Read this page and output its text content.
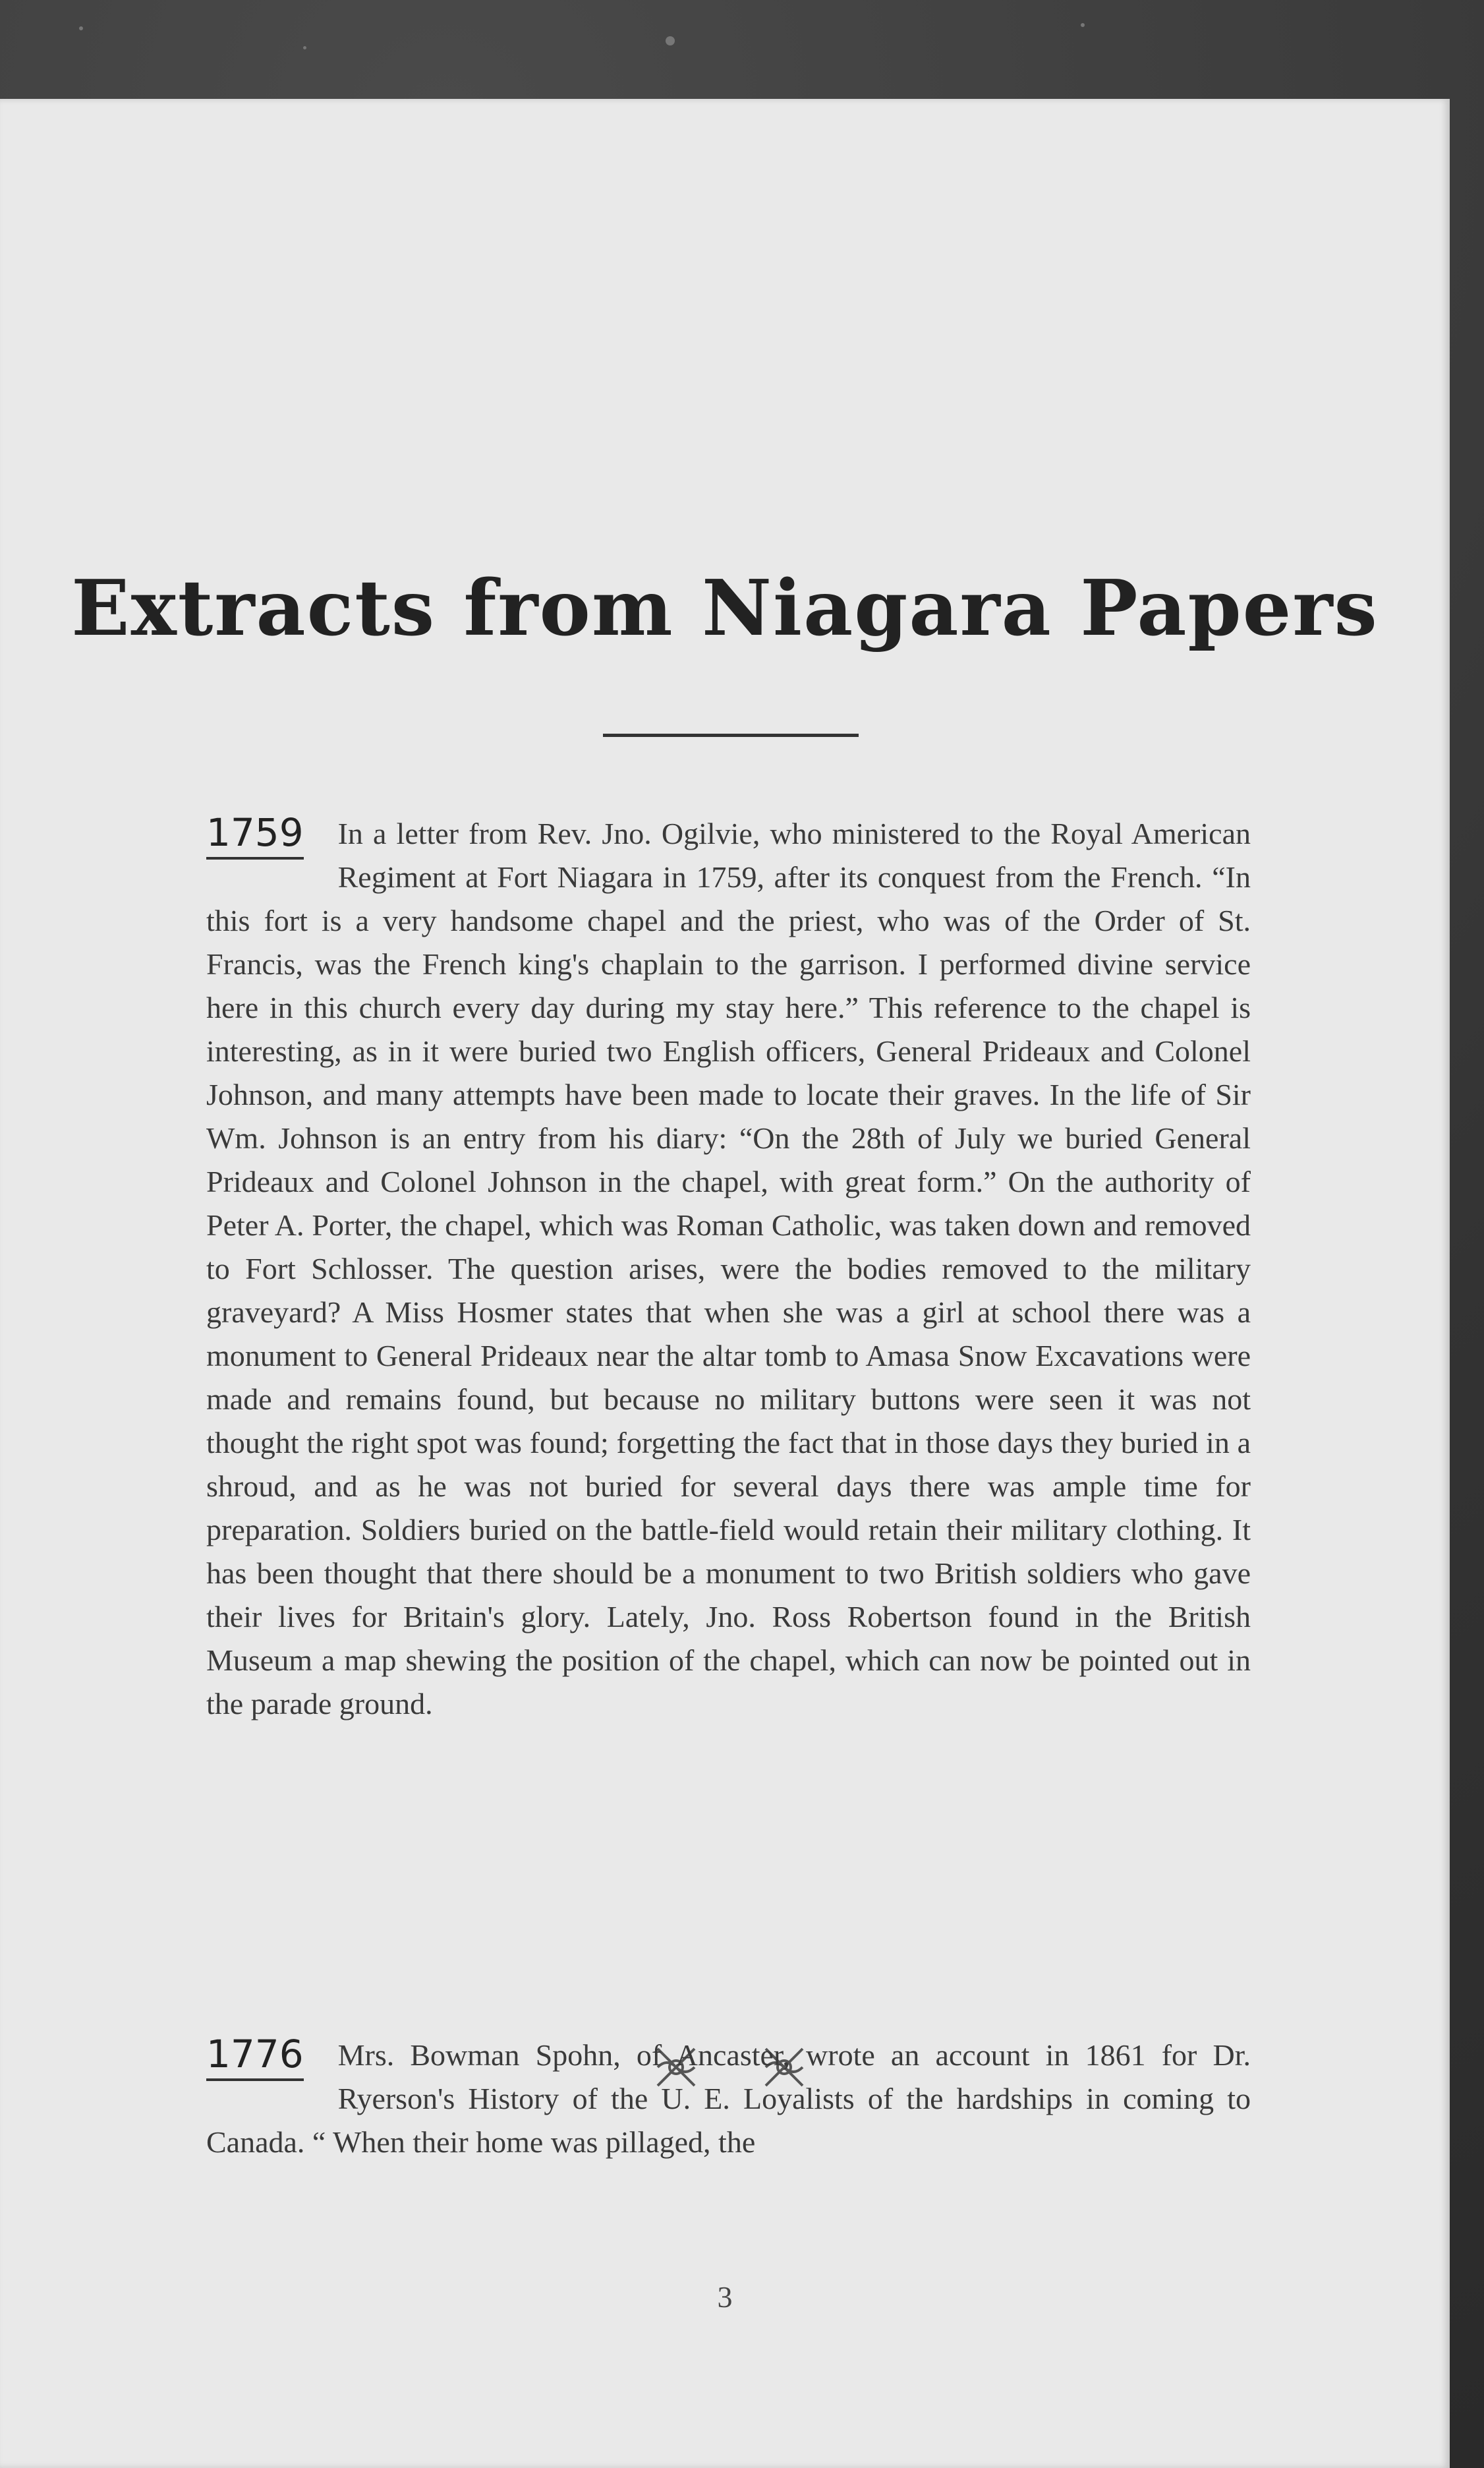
Extracts from Niagara Papers
1759	In a letter from Rev. Jno. Ogilvie, who ministered to the Royal American Regiment at Fort Niagara in 1759, after its conquest from the French. “In this fort is a very handsome chapel and the priest, who was of the Order of St. Francis, was the French king's chaplain to the garrison. I performed divine service here in this church every day during my stay here.” This reference to the chapel is interesting, as in it were buried two English officers, General Prideaux and Colonel Johnson, and many attempts have been made to locate their graves. In the life of Sir Wm. Johnson is an entry from his diary: “On the 28th of July we buried General Prideaux and Colonel Johnson in the chapel, with great form.” On the authority of Peter A. Porter, the chapel, which was Roman Catholic, was taken down and removed to Fort Schlosser. The question arises, were the bodies removed to the military graveyard? A Miss Hosmer states that when she was a girl at school there was a monument to General Prideaux near the altar tomb to Amasa Snow Excavations were made and remains found, but because no military buttons were seen it was not thought the right spot was found; forgetting the fact that in those days they buried in a shroud, and as he was not buried for several days there was ample time for preparation. Soldiers buried on the battle-field would retain their military clothing. It has been thought that there should be a monument to two British soldiers who gave their lives for Britain's glory. Lately, Jno. Ross Robertson found in the British Museum a map shewing the position of the chapel, which can now be pointed out in the parade ground.

1776	Mrs. Bowman Spohn, of Ancaster, wrote an account in 1861 for Dr. Ryerson's History of the U. E. Loyalists of the hardships in coming to Canada. “ When their home was pillaged, the

3
